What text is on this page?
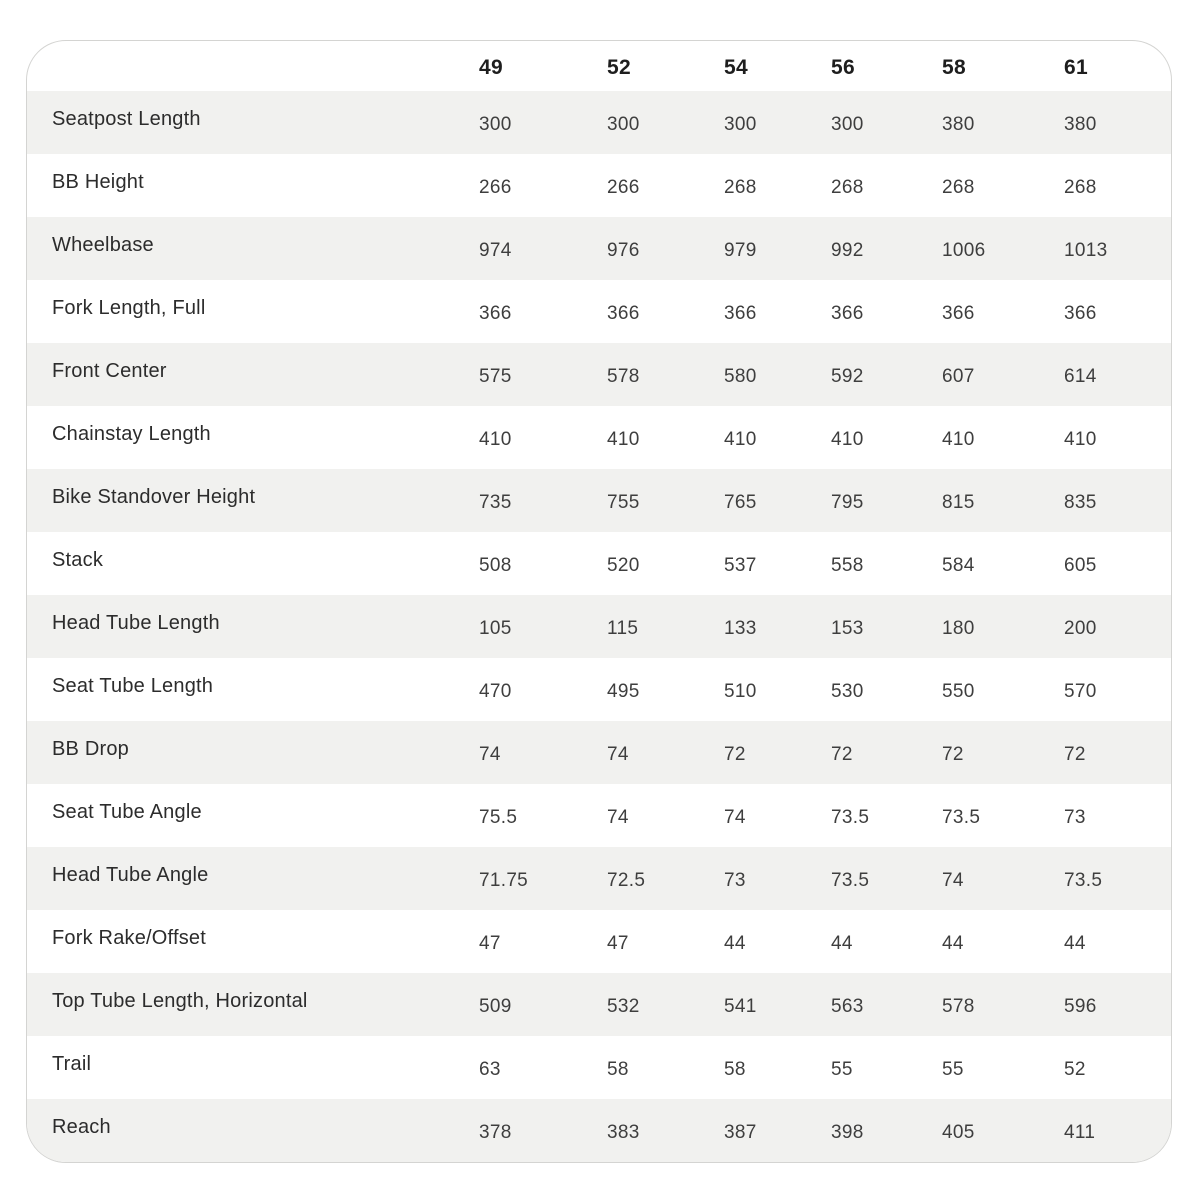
	49	52	54	56	58	61
Seatpost Length	300	300	300	300	380	380
BB Height	266	266	268	268	268	268
Wheelbase	974	976	979	992	1006	1013
Fork Length, Full	366	366	366	366	366	366
Front Center	575	578	580	592	607	614
Chainstay Length	410	410	410	410	410	410
Bike Standover Height	735	755	765	795	815	835
Stack	508	520	537	558	584	605
Head Tube Length	105	115	133	153	180	200
Seat Tube Length	470	495	510	530	550	570
BB Drop	74	74	72	72	72	72
Seat Tube Angle	75.5	74	74	73.5	73.5	73
Head Tube Angle	71.75	72.5	73	73.5	74	73.5
Fork Rake/Offset	47	47	44	44	44	44
Top Tube Length, Horizontal	509	532	541	563	578	596
Trail	63	58	58	55	55	52
Reach	378	383	387	398	405	411
